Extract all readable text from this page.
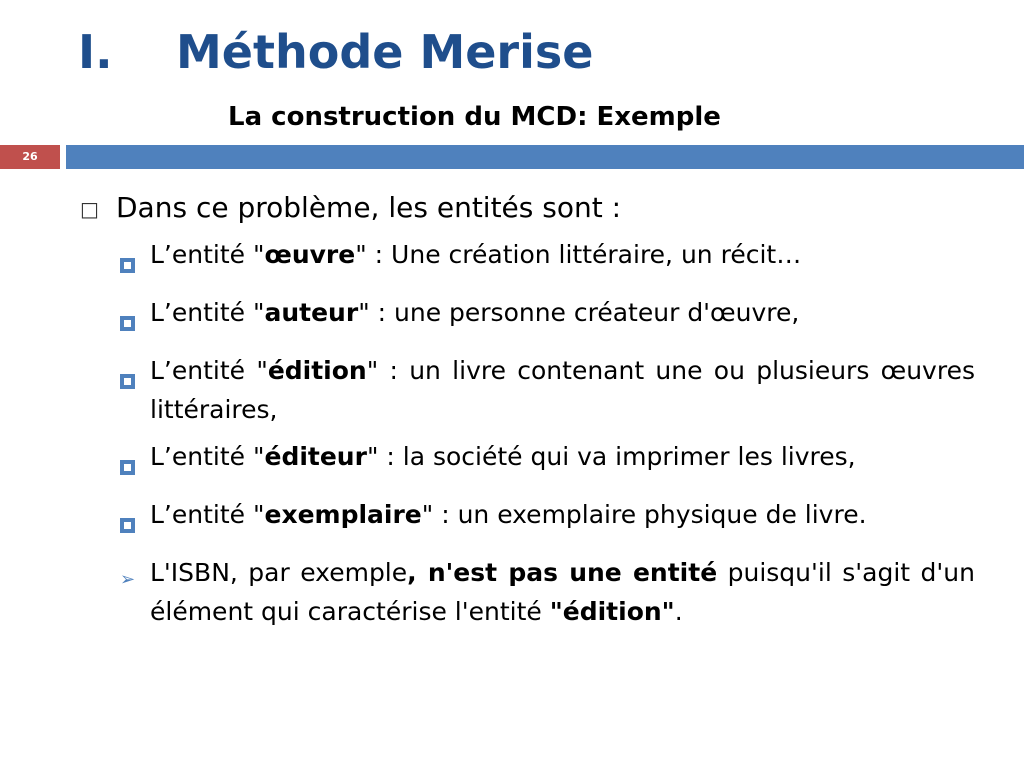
I. Méthode Merise
La construction du MCD: Exemple
26
□ Dans ce problème, les entités sont :
L’entité "œuvre" : Une création littéraire, un récit…
L’entité "auteur" : une personne créateur d'œuvre,
L’entité "édition" : un livre contenant une ou plusieurs œuvres littéraires,
L’entité "éditeur" : la société qui va imprimer les livres,
L’entité "exemplaire" : un exemplaire physique de livre.
➢ L'ISBN, par exemple, n'est pas une entité puisqu'il s'agit d'un élément qui caractérise l'entité "édition".
